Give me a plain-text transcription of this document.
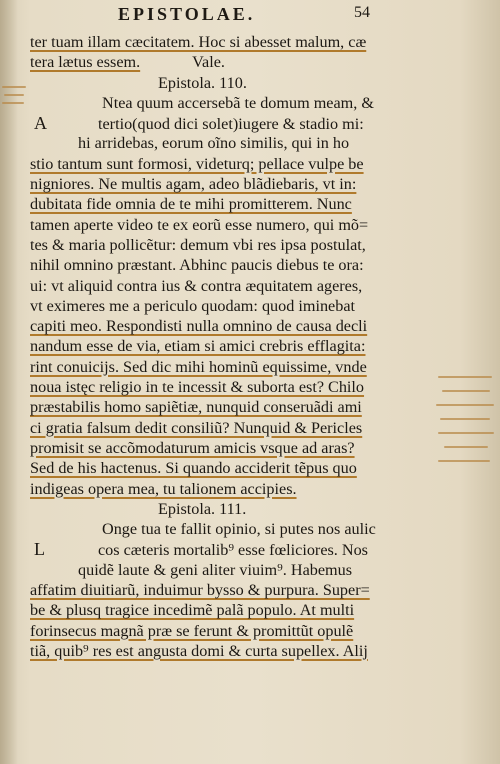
EPISTOLAE.	54
ter tuam illam cæcitatem. Hoc si abesset malum, cæ
tera lætus essem.	Vale.
Epistola. 110.
Ntea quum accersebã te domum meam, &
A	tertio(quod dici solet)iugere & stadio mi:
hi arridebas, eorum oĩno similis, qui in ho
stio tantum sunt formosi, videturq; pellace vulpe be
nigniores. Ne multis agam, adeo blãdiebaris, vt in:
dubitata fide omnia de te mihi promitterem. Nunc
tamen aperte video te ex eorũ esse numero, qui mõ=
tes & maria pollicẽtur: demum vbi res ipsa postulat,
nihil omnino præstant. Abhinc paucis diebus te ora:
ui: vt aliquid contra ius & contra æquitatem ageres,
vt eximeres me a periculo quodam: quod iminebat
capiti meo. Respondisti nulla omnino de causa decli
nandum esse de via, etiam si amici crebris efflagita:
rint conuicijs. Sed dic mihi hominũ equissime, vnde
noua istęc religio in te incessit & suborta est? Chilo
præstabilis homo sapiẽtiæ, nunquid conseruãdi ami
ci gratia falsum dedit consiliũ? Nunquid & Pericles
promisit se accõmodaturum amicis vsque ad aras?
Sed de his hactenus. Si quando acciderit tẽpus quo
indigeas opera mea, tu talionem accipies.
Epistola. 111.
Onge tua te fallit opinio, si putes nos aulic
L	cos cæteris mortalib⁹ esse fœliciores. Nos
quidẽ laute & geni aliter viuim⁹. Habemus
affatim diuitiarũ, induimur bysso & purpura. Super=
be & plusq tragice incedimẽ palã populo. At multi
forinsecus magnã præ se ferunt & promittũt opulẽ
tiã, quib⁹ res est angusta domi & curta supellex. Alij
